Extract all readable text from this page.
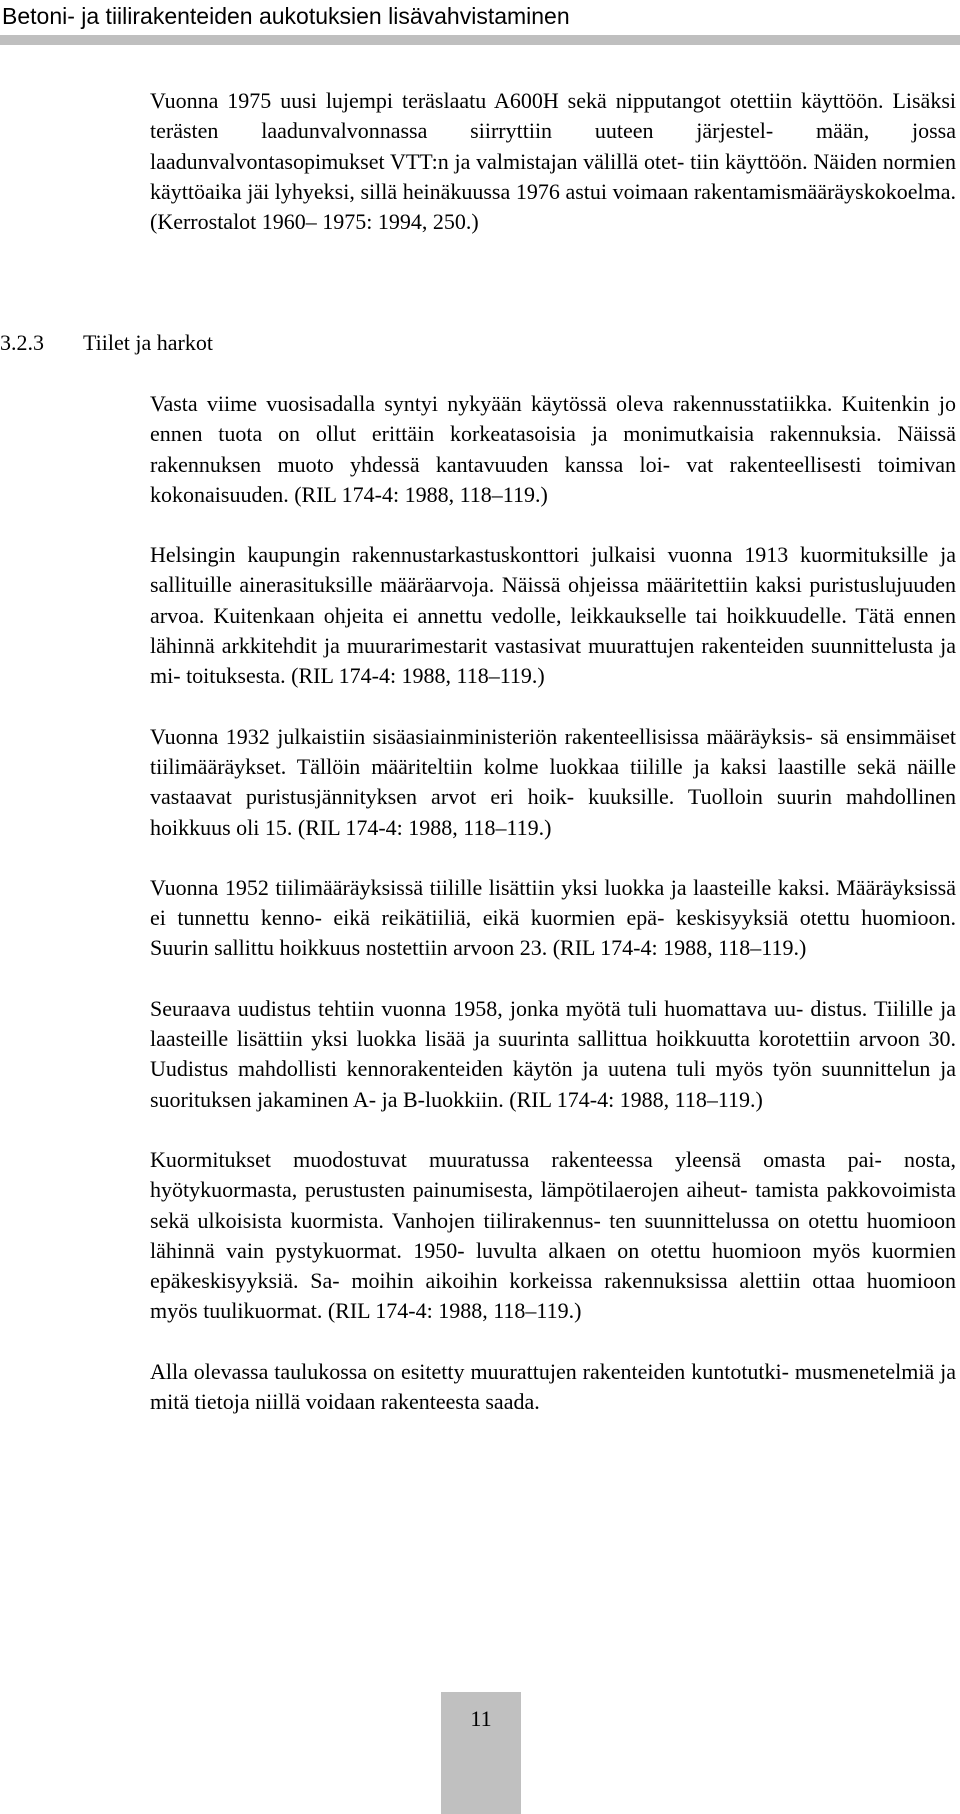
Betoni- ja tiilirakenteiden aukotuksien lisävahvistaminen

Vuonna 1975 uusi lujempi teräslaatu A600H sekä nipputangot otettiin käyttöön. Lisäksi terästen laadunvalvonnassa siirryttiin uuteen järjestel- mään, jossa laadunvalvontasopimukset VTT:n ja valmistajan välillä otet- tiin käyttöön. Näiden normien käyttöaika jäi lyhyeksi, sillä heinäkuussa 1976 astui voimaan rakentamismääräyskokoelma. (Kerrostalot 1960– 1975: 1994, 250.)

3.2.3 Tiilet ja harkot

Vasta viime vuosisadalla syntyi nykyään käytössä oleva rakennusstatiikka. Kuitenkin jo ennen tuota on ollut erittäin korkeatasoisia ja monimutkaisia rakennuksia. Näissä rakennuksen muoto yhdessä kantavuuden kanssa loi- vat rakenteellisesti toimivan kokonaisuuden. (RIL 174-4: 1988, 118–119.)

Helsingin kaupungin rakennustarkastuskonttori julkaisi vuonna 1913 kuormituksille ja sallituille ainerasituksille määräarvoja. Näissä ohjeissa määritettiin kaksi puristuslujuuden arvoa. Kuitenkaan ohjeita ei annettu vedolle, leikkaukselle tai hoikkuudelle. Tätä ennen lähinnä arkkitehdit ja muurarimestarit vastasivat muurattujen rakenteiden suunnittelusta ja mi- toituksesta. (RIL 174-4: 1988, 118–119.)

Vuonna 1932 julkaistiin sisäasiainministeriön rakenteellisissa määräyksis- sä ensimmäiset tiilimääräykset. Tällöin määriteltiin kolme luokkaa tiilille ja kaksi laastille sekä näille vastaavat puristusjännityksen arvot eri hoik- kuuksille. Tuolloin suurin mahdollinen hoikkuus oli 15. (RIL 174-4: 1988, 118–119.)

Vuonna 1952 tiilimääräyksissä tiilille lisättiin yksi luokka ja laasteille kaksi. Määräyksissä ei tunnettu kenno- eikä reikätiiliä, eikä kuormien epä- keskisyyksiä otettu huomioon. Suurin sallittu hoikkuus nostettiin arvoon 23. (RIL 174-4: 1988, 118–119.)

Seuraava uudistus tehtiin vuonna 1958, jonka myötä tuli huomattava uu- distus. Tiilille ja laasteille lisättiin yksi luokka lisää ja suurinta sallittua hoikkuutta korotettiin arvoon 30. Uudistus mahdollisti kennorakenteiden käytön ja uutena tuli myös työn suunnittelun ja suorituksen jakaminen A- ja B-luokkiin. (RIL 174-4: 1988, 118–119.)

Kuormitukset muodostuvat muuratussa rakenteessa yleensä omasta pai- nosta, hyötykuormasta, perustusten painumisesta, lämpötilaerojen aiheut- tamista pakkovoimista sekä ulkoisista kuormista. Vanhojen tiilirakennus- ten suunnittelussa on otettu huomioon lähinnä vain pystykuormat. 1950- luvulta alkaen on otettu huomioon myös kuormien epäkeskisyyksiä. Sa- moihin aikoihin korkeissa rakennuksissa alettiin ottaa huomioon myös tuulikuormat. (RIL 174-4: 1988, 118–119.)

Alla olevassa taulukossa on esitetty muurattujen rakenteiden kuntotutki- musmenetelmiä ja mitä tietoja niillä voidaan rakenteesta saada.

11
